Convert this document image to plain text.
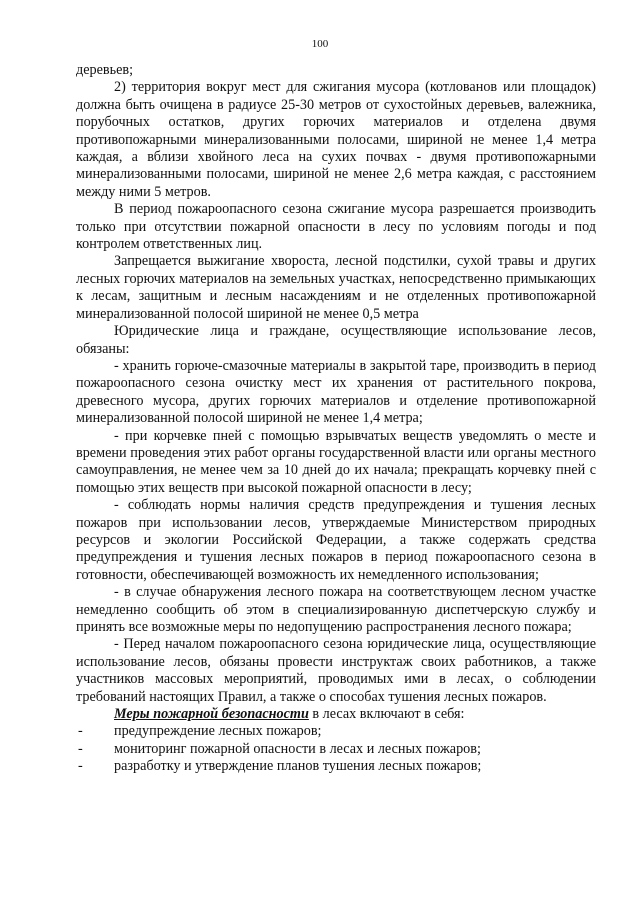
100

деревьев;

2) территория вокруг мест для сжигания мусора (котлованов или площадок) должна быть очищена в радиусе 25-30 метров от сухостойных деревьев, валежника, порубочных остатков, других горючих материалов и отделена двумя противопожарными минерализованными полосами, шириной не менее 1,4 метра каждая, а вблизи хвойного леса на сухих почвах - двумя противопожарными минерализованными полосами, шириной не менее 2,6 метра каждая, с расстоянием между ними 5 метров.

В период пожароопасного сезона сжигание мусора разрешается производить только при отсутствии пожарной опасности в лесу по условиям погоды и под контролем ответственных лиц.

Запрещается выжигание хвороста, лесной подстилки, сухой травы и других лесных горючих материалов на земельных участках, непосредственно примыкающих к лесам, защитным и лесным насаждениям и не отделенных противопожарной минерализованной полосой шириной не менее 0,5 метра

Юридические лица и граждане, осуществляющие использование лесов, обязаны:

- хранить горюче-смазочные материалы в закрытой таре, производить в период пожароопасного сезона очистку мест их хранения от растительного покрова, древесного мусора, других горючих материалов и отделение противопожарной минерализованной полосой шириной не менее 1,4 метра;

- при корчевке пней с помощью взрывчатых веществ уведомлять о месте и времени проведения этих работ органы государственной власти или органы местного самоуправления, не менее чем за 10 дней до их начала; прекращать корчевку пней с помощью этих веществ при высокой пожарной опасности в лесу;

- соблюдать нормы наличия средств предупреждения и тушения лесных пожаров при использовании лесов, утверждаемые Министерством природных ресурсов и экологии Российской Федерации, а также содержать средства предупреждения и тушения лесных пожаров в период пожароопасного сезона в готовности, обеспечивающей возможность их немедленного использования;

- в случае обнаружения лесного пожара на соответствующем лесном участке немедленно сообщить об этом в специализированную диспетчерскую службу и принять все возможные меры по недопущению распространения лесного пожара;

- Перед началом пожароопасного сезона юридические лица, осуществляющие использование лесов, обязаны провести инструктаж своих работников, а также участников массовых мероприятий, проводимых ими в лесах, о соблюдении требований настоящих Правил, а также о способах тушения лесных пожаров.

Меры пожарной безопасности в лесах включают в себя:

-	предупреждение лесных пожаров;
-	мониторинг пожарной опасности в лесах и лесных пожаров;
-	разработку и утверждение планов тушения лесных пожаров;
